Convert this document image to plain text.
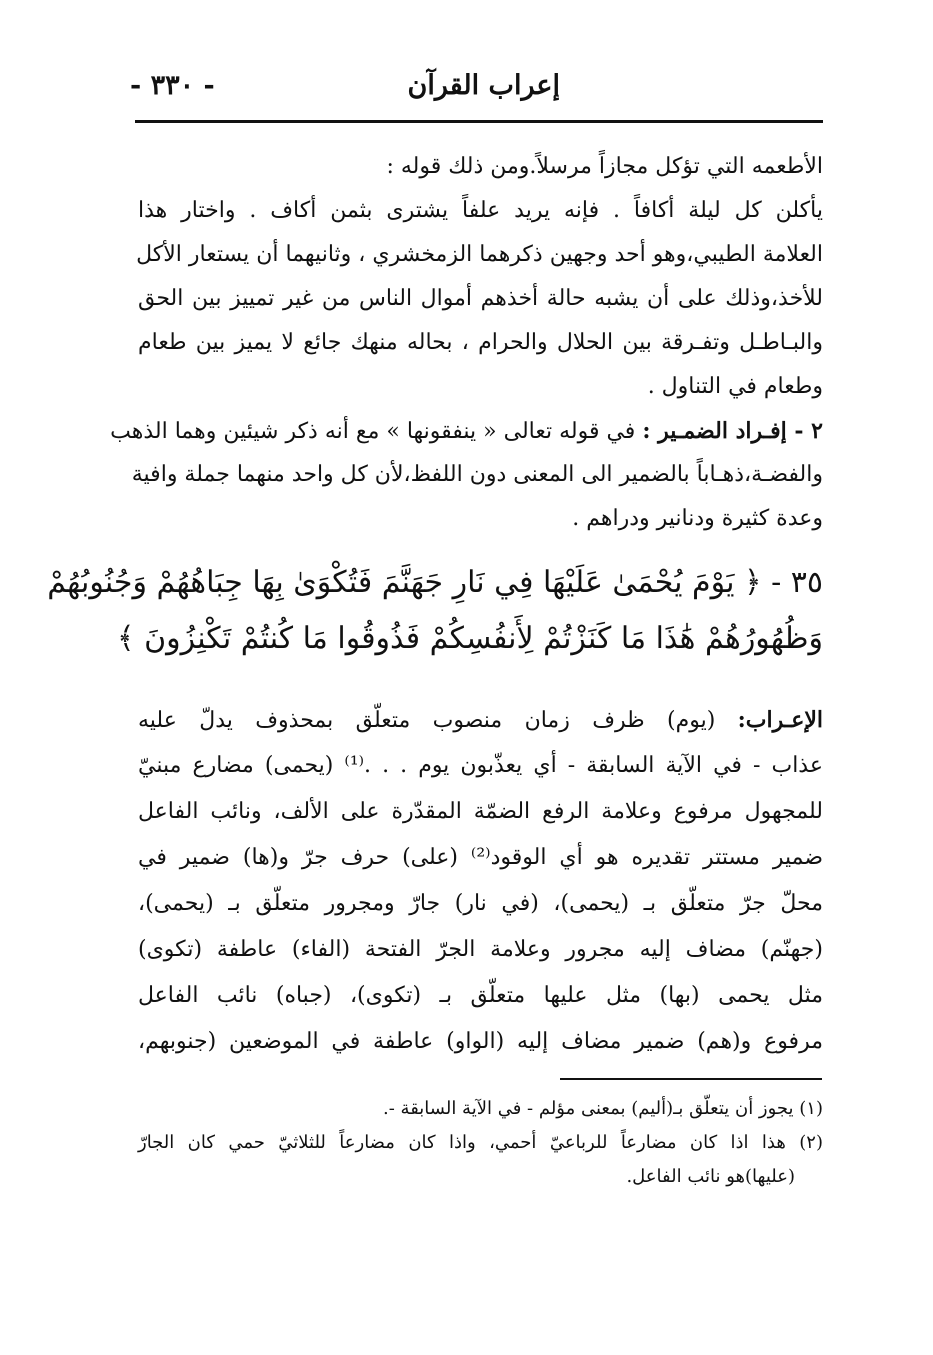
إعراب القرآن
- ٣٣٠ -
الأطعمه التي تؤكل مجازاً مرسلاً.ومن ذلك قوله :
يأكلن كل ليلة أكافاً . فإنه يريد علفاً يشترى بثمن أكاف . واختار هذا
العلامة الطيبي،وهو أحد وجهين ذكرهما الزمخشري ، وثانيهما أن يستعار الأكل
للأخذ،وذلك على أن يشبه حالة أخذهم أموال الناس من غير تمييز بين الحق
والبـاطـل وتفـرقة بين الحلال والحرام ، بحاله منهك جائع لا يميز بين طعام
وطعام في التناول .
٢ - إفـراد الضمـير : في قوله تعالى « ينفقونها » مع أنه ذكر شيئين وهما الذهب
والفضـة،ذهـاباً بالضمير الى المعنى دون اللفظ،لأن كل واحد منهما جملة وافية
وعدة كثيرة ودنانير ودراهم .
٣٥ - ﴿ يَوْمَ يُحْمَىٰ عَلَيْهَا فِي نَارِ جَهَنَّمَ فَتُكْوَىٰ بِهَا جِبَاهُهُمْ وَجُنُوبُهُمْ
وَظُهُورُهُمْ هَٰذَا مَا كَنَزْتُمْ لِأَنفُسِكُمْ فَذُوقُوا مَا كُنتُمْ تَكْنِزُونَ ﴾
الإعـراب: (يوم) ظرف زمان منصوب متعلّق بمحذوف يدلّ عليه
عذاب - في الآية السابقة - أي يعذّبون يوم . . .⁽¹⁾ (يحمى) مضارع مبنيّ
للمجهول مرفوع وعلامة الرفع الضمّة المقدّرة على الألف، ونائب الفاعل
ضمير مستتر تقديره هو أي الوقود⁽²⁾ (على) حرف جرّ و(ها) ضمير في
محلّ جرّ متعلّق بـ (يحمى)، (في نار) جارّ ومجرور متعلّق بـ (يحمى)،
(جهنّم) مضاف إليه مجرور وعلامة الجرّ الفتحة (الفاء) عاطفة (تكوى)
مثل يحمى (بها) مثل عليها متعلّق بـ (تكوى)، (جباه) نائب الفاعل
مرفوع و(هم) ضمير مضاف إليه (الواو) عاطفة في الموضعين (جنوبهم،
(١) يجوز أن يتعلّق بـ(أليم) بمعنى مؤلم - في الآية السابقة -.
(٢) هذا اذا كان مضارعاً للرباعيّ أحمي، واذا كان مضارعاً للثلاثيّ حمي كان الجارّ
(عليها)هو نائب الفاعل.
